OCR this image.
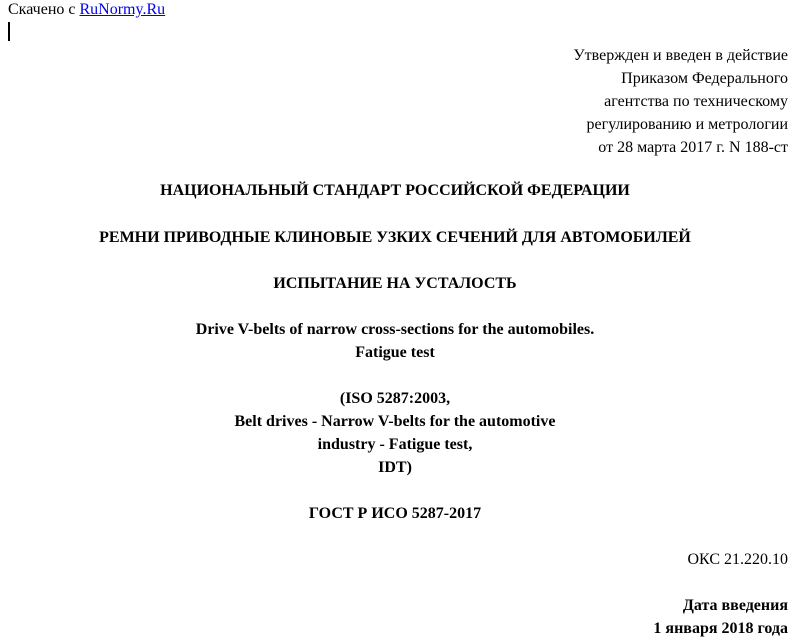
Скачено с RuNormy.Ru
Утвержден и введен в действие
Приказом Федерального
агентства по техническому
регулированию и метрологии
от 28 марта 2017 г. N 188-ст
НАЦИОНАЛЬНЫЙ СТАНДАРТ РОССИЙСКОЙ ФЕДЕРАЦИИ
РЕМНИ ПРИВОДНЫЕ КЛИНОВЫЕ УЗКИХ СЕЧЕНИЙ ДЛЯ АВТОМОБИЛЕЙ
ИСПЫТАНИЕ НА УСТАЛОСТЬ
Drive V-belts of narrow cross-sections for the automobiles.
Fatigue test
(ISO 5287:2003,
Belt drives - Narrow V-belts for the automotive
industry - Fatigue test,
IDT)
ГОСТ Р ИСО 5287-2017
ОКС 21.220.10
Дата введения
1 января 2018 года
